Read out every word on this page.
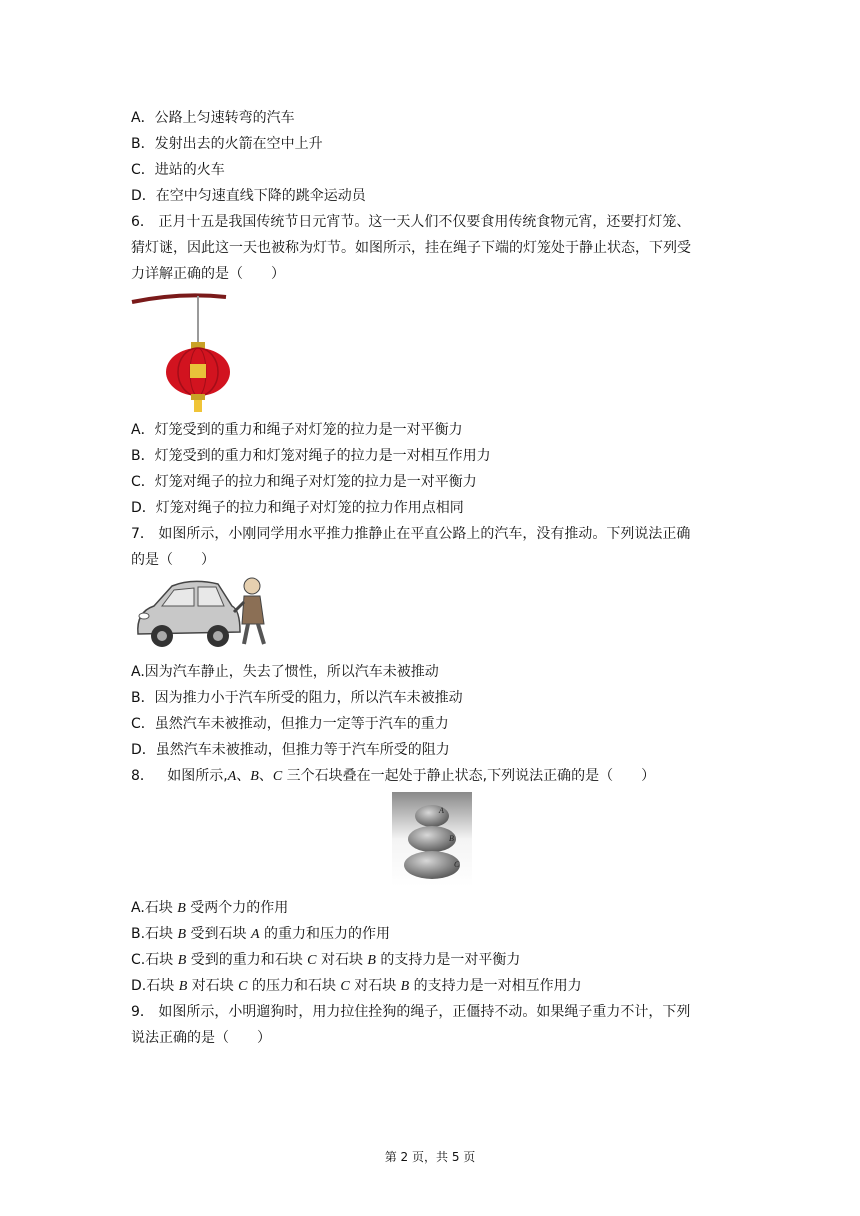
A．公路上匀速转弯的汽车
B．发射出去的火箭在空中上升
C．进站的火车
D．在空中匀速直线下降的跳伞运动员
6． 正月十五是我国传统节日元宵节。这一天人们不仅要食用传统食物元宵，还要打灯笼、
猜灯谜，因此这一天也被称为灯节。如图所示，挂在绳子下端的灯笼处于静止状态，下列受
力详解正确的是（　　）
A．灯笼受到的重力和绳子对灯笼的拉力是一对平衡力
B．灯笼受到的重力和灯笼对绳子的拉力是一对相互作用力
C．灯笼对绳子的拉力和绳子对灯笼的拉力是一对平衡力
D．灯笼对绳子的拉力和绳子对灯笼的拉力作用点相同
7． 如图所示，小刚同学用水平推力推静止在平直公路上的汽车，没有推动。下列说法正确
的是（　　）
A.因为汽车静止，失去了惯性，所以汽车未被推动
B．因为推力小于汽车所受的阻力，所以汽车未被推动
C．虽然汽车未被推动，但推力一定等于汽车的重力
D．虽然汽车未被推动，但推力等于汽车所受的阻力
8． 如图所示,A、B、C 三个石块叠在一起处于静止状态,下列说法正确的是（　　）
A
B
C
A.石块 B 受两个力的作用
B.石块 B 受到石块 A 的重力和压力的作用
C.石块 B 受到的重力和石块 C 对石块 B 的支持力是一对平衡力
D.石块 B 对石块 C 的压力和石块 C 对石块 B 的支持力是一对相互作用力
9． 如图所示，小明遛狗时，用力拉住拴狗的绳子，正僵持不动。如果绳子重力不计，下列
说法正确的是（　　）
第 2 页，共 5 页
